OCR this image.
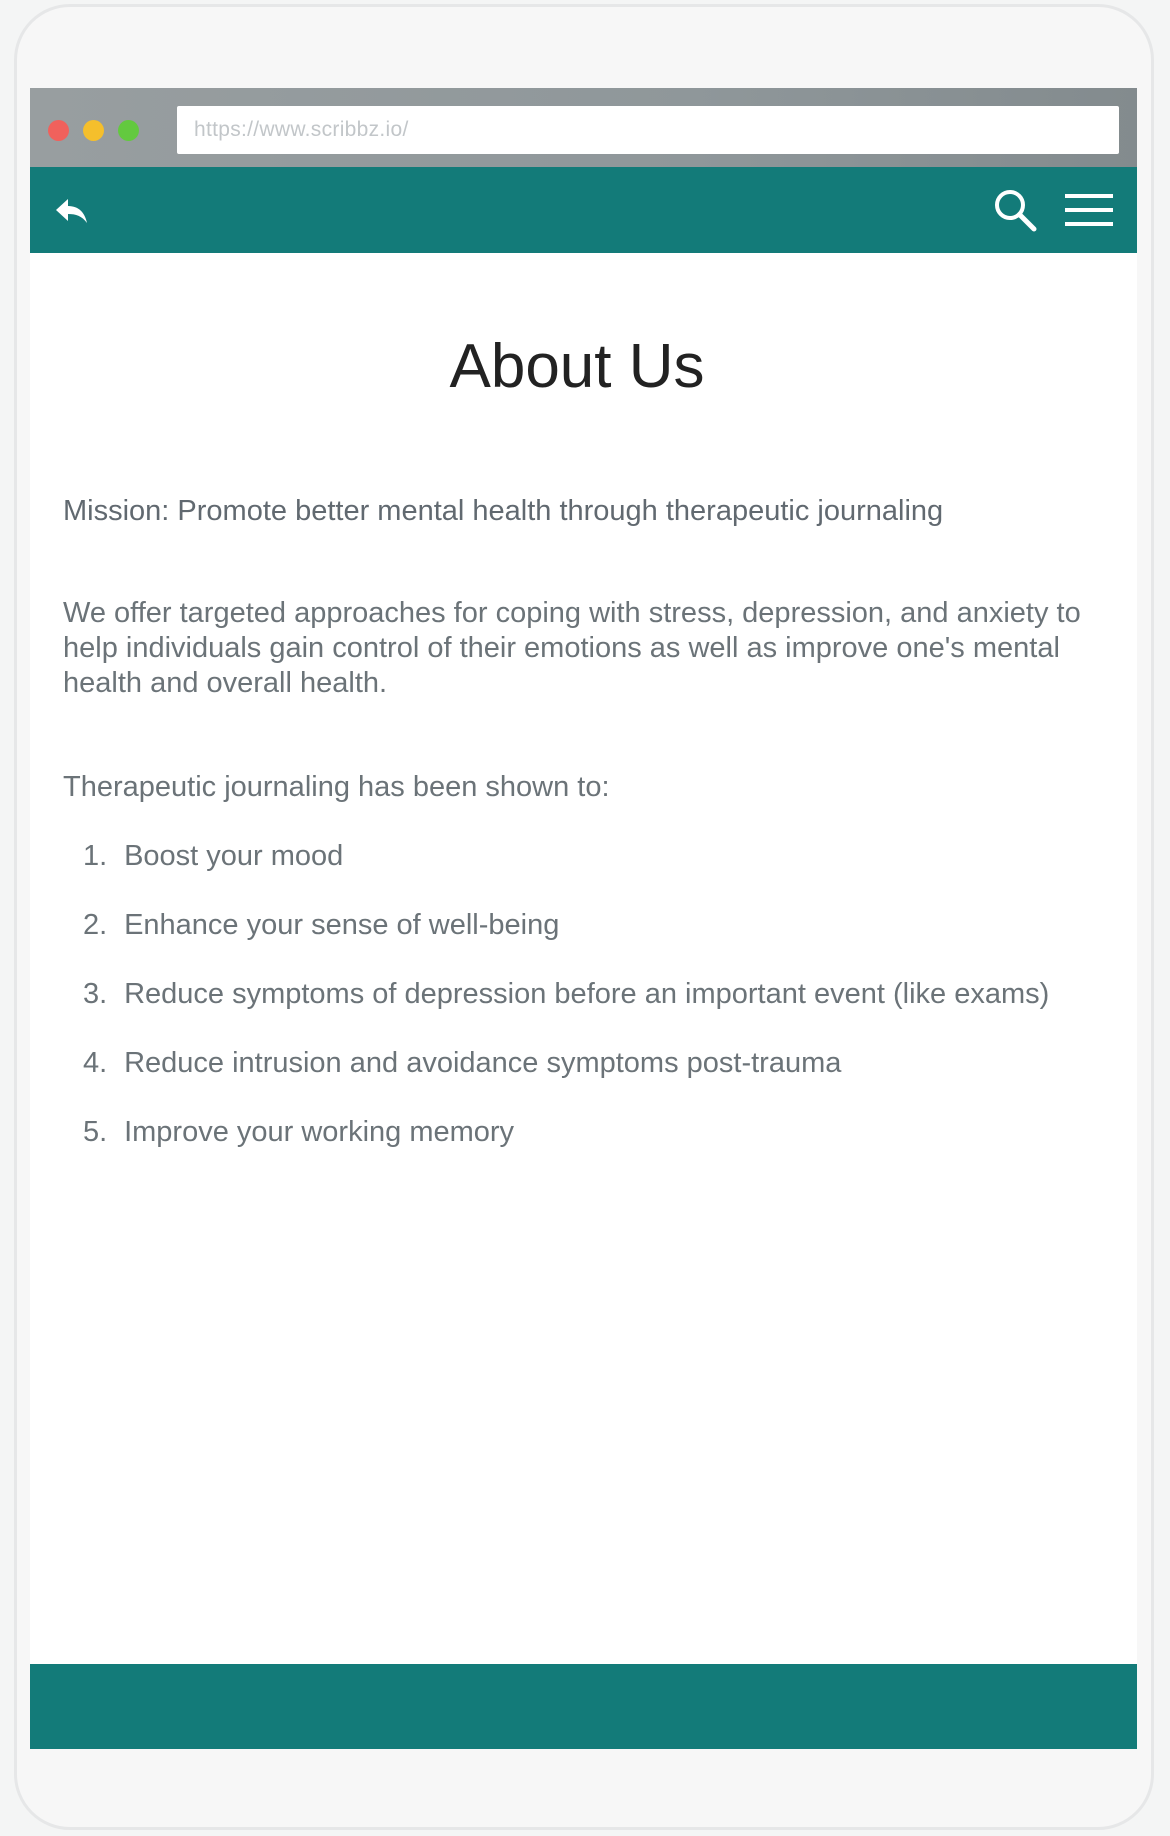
https://www.scribbz.io/
About Us

Mission: Promote better mental health through therapeutic journaling

We offer targeted approaches for coping with stress, depression, and anxiety to help individuals gain control of their emotions as well as improve one's mental health and overall health.

Therapeutic journaling has been shown to:

1. Boost your mood
2. Enhance your sense of well-being
3. Reduce symptoms of depression before an important event (like exams)
4. Reduce intrusion and avoidance symptoms post-trauma
5. Improve your working memory
